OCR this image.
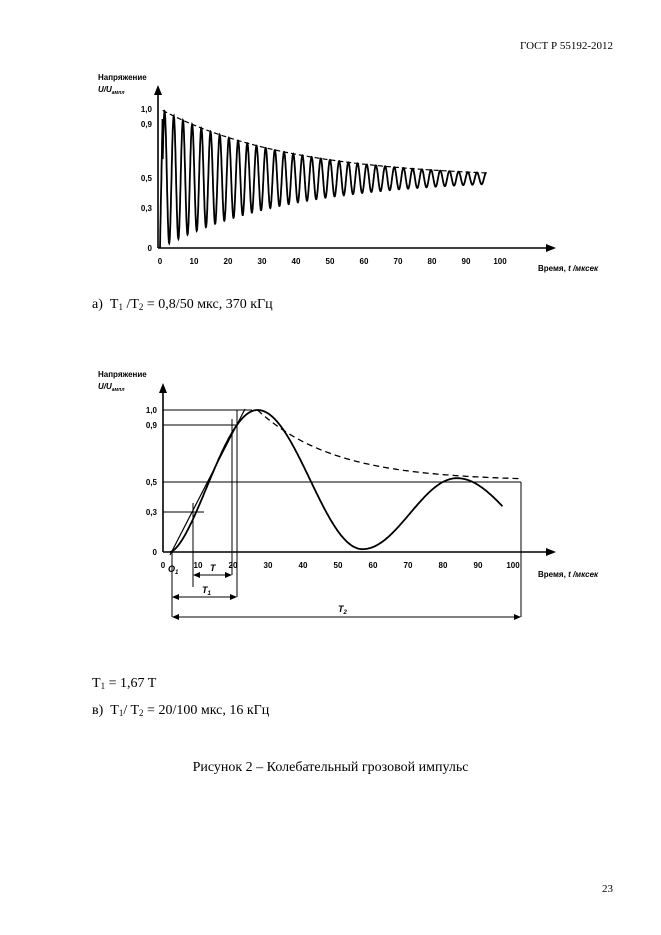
ГОСТ Р 55192-2012
Напряжение
$U/U_{ампл}$
1,0
0,9
0,5
0,3
0
0	10	20	30	40	50	60	70	80	90	100
Время, t /мксек
а) $T_1$ $/T_2 = 0,8/50$ мкс, 370 кГц
Напряжение
$U/U_{ампл}$
1,0
0,9
0,5
0,3
0
0	10	20	30	40	50	60	70	80	90	100
$O_1$	T
$T_1$
$T_2$
Время, t /мксек
$T_1 = 1,67$ T
в) $T_1/$ $T_2 = 20/100$ мкс, 16 кГц
Рисунок 2 – Колебательный грозовой импульс
23
